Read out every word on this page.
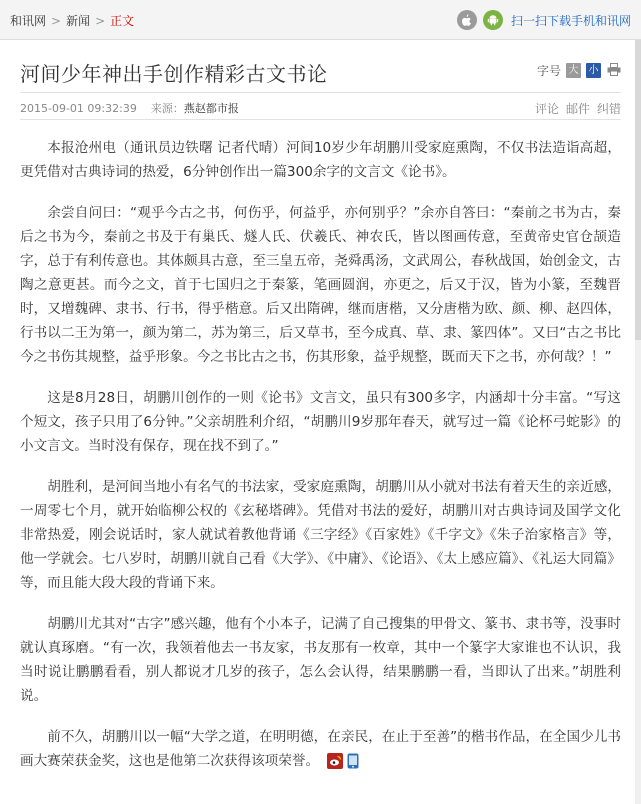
和讯网 > 新闻 > 正文	扫一扫下载手机和讯网
河间少年神出手创作精彩古文书论	字号 大 小
2015-09-01 09:32:39 来源：燕赵都市报	评论 邮件 纠错

本报沧州电（通讯员边铁曙 记者代晴）河间10岁少年胡鹏川受家庭熏陶，不仅书法造诣高超，更凭借对古典诗词的热爱，6分钟创作出一篇300余字的文言文《论书》。

余尝自问曰：“观乎今古之书，何伤乎，何益乎，亦何别乎？”余亦自答曰：“秦前之书为古，秦后之书为今，秦前之书及于有巢氏、燧人氏、伏羲氏、神农氏，皆以图画传意，至黄帝史官仓颉造字，总于有利传意也。其体颇具古意，至三皇五帝，尧舜禹汤，文武周公，春秋战国，始创金文，古陶之意更甚。而今之文，首于七国归之于秦篆，笔画圆润，亦更之，后又于汉，皆为小篆，至魏晋时，又增魏碑、隶书、行书，得乎楷意。后又出隋碑，继而唐楷，又分唐楷为欧、颜、柳、赵四体，行书以二王为第一，颜为第二，苏为第三，后又草书，至今成真、草、隶、篆四体”。又曰“古之书比今之书伤其规整，益乎形象。今之书比古之书，伤其形象，益乎规整，既而天下之书，亦何哉？！”

这是8月28日，胡鹏川创作的一则《论书》文言文，虽只有300多字，内涵却十分丰富。“写这个短文，孩子只用了6分钟。”父亲胡胜利介绍，“胡鹏川9岁那年春天，就写过一篇《论杯弓蛇影》的小文言文。当时没有保存，现在找不到了。”

胡胜利，是河间当地小有名气的书法家，受家庭熏陶，胡鹏川从小就对书法有着天生的亲近感，一周零七个月，就开始临柳公权的《玄秘塔碑》。凭借对书法的爱好，胡鹏川对古典诗词及国学文化非常热爱，刚会说话时，家人就试着教他背诵《三字经》《百家姓》《千字文》《朱子治家格言》等，他一学就会。七八岁时，胡鹏川就自己看《大学》、《中庸》、《论语》、《太上感应篇》、《礼运大同篇》等，而且能大段大段的背诵下来。

胡鹏川尤其对“古字”感兴趣，他有个小本子，记满了自己搜集的甲骨文、篆书、隶书等，没事时就认真琢磨。“有一次，我领着他去一书友家，书友那有一枚章，其中一个篆字大家谁也不认识，我当时说让鹏鹏看看，别人都说才几岁的孩子，怎么会认得，结果鹏鹏一看，当即认了出来。”胡胜利说。

前不久，胡鹏川以一幅“大学之道，在明明德，在亲民，在止于至善”的楷书作品，在全国少儿书画大赛荣获金奖，这也是他第二次获得该项荣誉。
